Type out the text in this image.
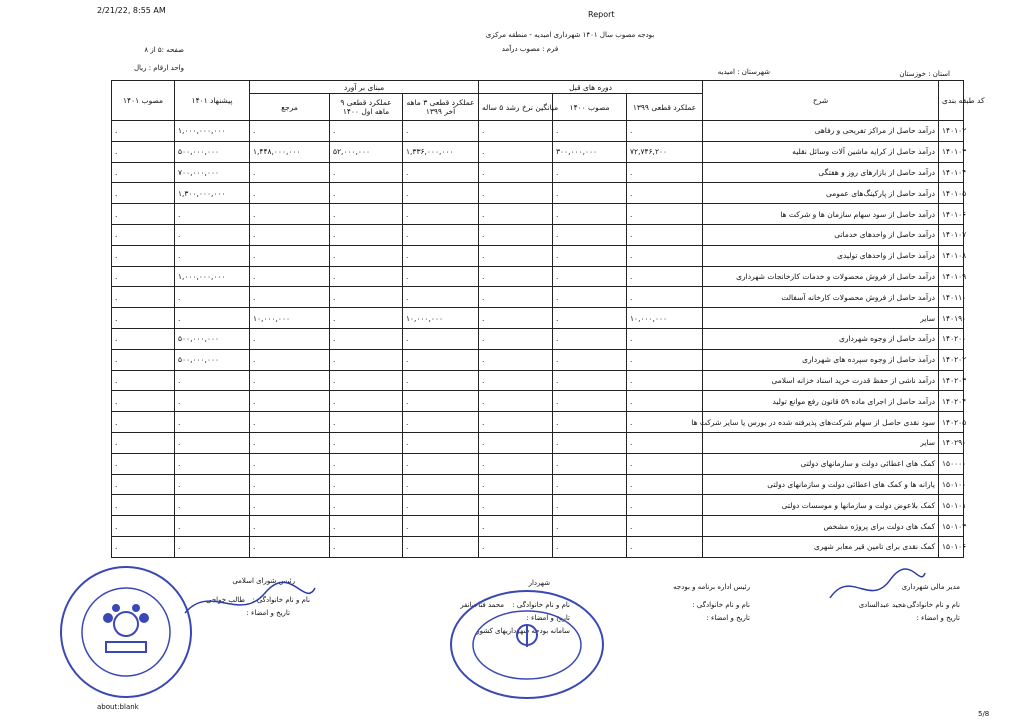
2/21/22, 8:55 AM	Report
about:blank
5/8
بودجه مصوب سال ۱۴۰۱ شهرداری امیدیه - منطقه مرکزی
فرم : مصوب درآمد
صفحه :۵ از ۸
واحد ارقام : ریال
استان : خوزستان
شهرستان : امیدیه
مصوب ۱۴۰۱	پیشنهاد ۱۴۰۱	مبنای بر آورد			دوره های قبل			شرح	کد طبقه بندی
		مرجع	عملکرد قطعی ۹ ماهه اول ۱۴۰۰	عملکرد قطعی ۳ ماهه آخر ۱۳۹۹	میانگین نرخ رشد ۵ ساله	مصوب ۱۴۰۰	عملکرد قطعی ۱۳۹۹		
.	۱,۰۰۰,۰۰۰,۰۰۰	.	.	.	.	.	.	درآمد حاصل از مراکز تفریحی و رفاهی	۱۴۰۱۰۲
.	۵۰۰,۰۰۰,۰۰۰	۱,۴۴۸,۰۰۰,۰۰۰	۵۲,۰۰۰,۰۰۰	۱,۳۳۶,۰۰۰,۰۰۰	.	۳۰۰,۰۰۰,۰۰۰	۷۲,۷۴۶,۲۰۰	درآمد حاصل از کرایه ماشین آلات وسائل نقلیه	۱۴۰۱۰۳
.	۷۰۰,۰۰۰,۰۰۰	.	.	.	.	.	.	درآمد حاصل از بازارهای روز و هفتگی	۱۴۰۱۰۴
.	۱,۳۰۰,۰۰۰,۰۰۰	.	.	.	.	.	.	درآمد حاصل از پارکینگ‌های عمومی	۱۴۰۱۰۵
.	.	.	.	.	.	.	.	درآمد حاصل از سود سهام سازمان ها و شرکت ها	۱۴۰۱۰۶
.	.	.	.	.	.	.	.	درآمد حاصل از واحدهای خدماتی	۱۴۰۱۰۷
.	.	.	.	.	.	.	.	درآمد حاصل از واحدهای تولیدی	۱۴۰۱۰۸
.	۱,۰۰۰,۰۰۰,۰۰۰	.	.	.	.	.	.	درآمد حاصل از فروش محصولات و خدمات کارخانجات شهرداری	۱۴۰۱۰۹
.	.	.	.	.	.	.	.	درآمد حاصل از فروش محصولات کارخانه آسفالت	۱۴۰۱۱۰
.	.	۱۰,۰۰۰,۰۰۰	.	۱۰,۰۰۰,۰۰۰	.	.	۱۰,۰۰۰,۰۰۰	سایر	۱۴۰۱۹۰
.	۵۰۰,۰۰۰,۰۰۰	.	.	.	.	.	.	درآمد حاصل از وجوه شهرداری	۱۴۰۲۰۰
.	۵۰۰,۰۰۰,۰۰۰	.	.	.	.	.	.	درآمد حاصل از وجوه سپرده های شهرداری	۱۴۰۲۰۲
.	.	.	.	.	.	.	.	درآمد ناشی از حفظ قدرت خرید اسناد خزانه اسلامی	۱۴۰۲۰۳
.	.	.	.	.	.	.	.	درآمد حاصل از اجرای ماده ۵۹ قانون رفع موانع تولید	۱۴۰۲۰۴
.	.	.	.	.	.	.	.	سود نقدی حاصل از سهام شرکت‌های پذیرفته شده در بورس یا سایر شرکت ها	۱۴۰۲۰۵
.	.	.	.	.	.	.	.	سایر	۱۴۰۲۹۰
.	.	.	.	.	.	.	.	کمک های اعطائی دولت و سازمانهای دولتی	۱۵۰۰۰۰
.	.	.	.	.	.	.	.	یارانه ها و کمک های اعطائی دولت و سازمانهای دولتی	۱۵۰۱۰۰
.	.	.	.	.	.	.	.	کمک بلاعوض دولت و سازمانها و موسسات دولتی	۱۵۰۱۰۱
.	.	.	.	.	.	.	.	کمک های دولت برای پروژه مشخص	۱۵۰۱۰۳
.	.	.	.	.	.	.	.	کمک نقدی برای تامین قیر معابر شهری	۱۵۰۱۰۶
مدیر مالی شهرداری
نام و نام خانوادگی :
مجید عبدالسادی
تاریخ و امضاء :
رئیس اداره برنامه و بودجه
نام و نام خانوادگی :
تاریخ و امضاء :
شهردار
نام و نام خانوادگی :
محمد فتاحیانفر
تاریخ و امضاء :
سامانه بودجه شهرداریهای کشور
رئیس شورای اسلامی
نام و نام خانوادگی :
طالب خواجی
تاریخ و امضاء :
